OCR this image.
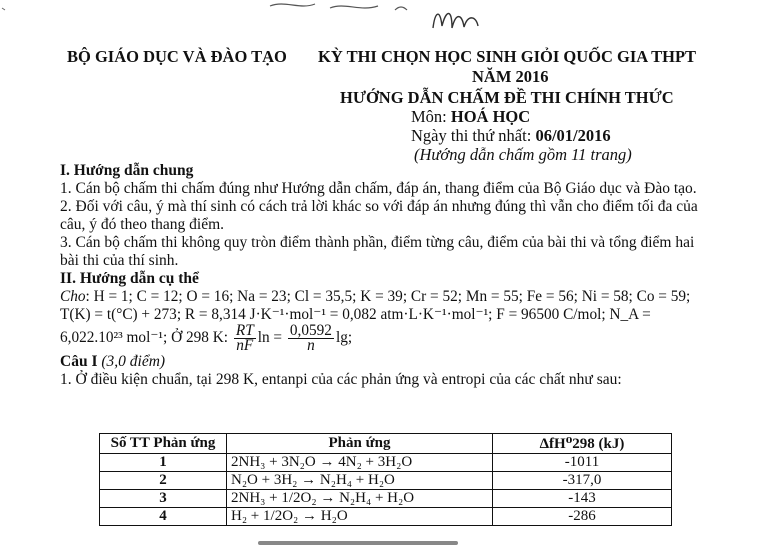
BỘ GIÁO DỤC VÀ ĐÀO TẠO KỲ THI CHỌN HỌC SINH GIỎI QUỐC GIA THPT
NĂM 2016
HƯỚNG DẪN CHẤM ĐỀ THI CHÍNH THỨC
Môn: HOÁ HỌC
Ngày thi thứ nhất: 06/01/2016
(Hướng dẫn chấm gồm 11 trang)
I. Hướng dẫn chung
1. Cán bộ chấm thi chấm đúng như Hướng dẫn chấm, đáp án, thang điểm của Bộ Giáo dục và Đào tạo.
2. Đối với câu, ý mà thí sinh có cách trả lời khác so với đáp án nhưng đúng thì vẫn cho điểm tối đa của câu, ý đó theo thang điểm.
3. Cán bộ chấm thi không quy tròn điểm thành phần, điểm từng câu, điểm của bài thi và tổng điểm hai bài thi của thí sinh.
II. Hướng dẫn cụ thể
Cho: H = 1; C = 12; O = 16; Na = 23; Cl = 35,5; K = 39; Cr = 52; Mn = 55; Fe = 56; Ni = 58; Co = 59;
T(K) = t(°C) + 273; R = 8,314 J·K⁻¹·mol⁻¹ = 0,082 atm·L·K⁻¹·mol⁻¹; F = 96500 C/mol; N_A = 6,022.10²³ mol⁻¹; Ở 298 K: $\frac{RT}{nF}$ $\ln = \frac{0,0592}{n} \lg$;
Câu I (3,0 điểm)
1. Ở điều kiện chuẩn, tại 298 K, entanpi của các phản ứng và entropi của các chất như sau:
Số TT Phản ứng	Phản ứng	ΔfH⁰298 (kJ)
1	2NH₃ + 3N₂O → 4N₂ + 3H₂O	-1011
2	N₂O + 3H₂ → N₂H₄ + H₂O	-317,0
3	2NH₃ + 1/2O₂ → N₂H₄ + H₂O	-143
4	H₂ + 1/2O₂ → H₂O	-286
